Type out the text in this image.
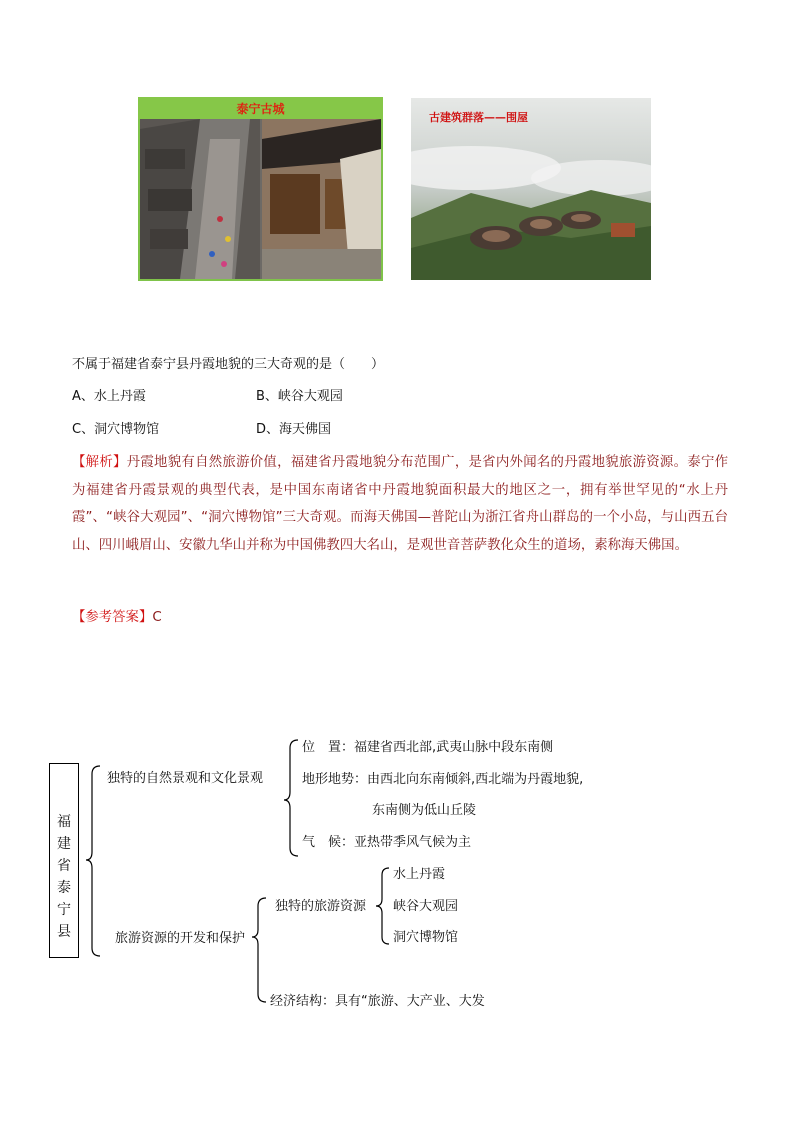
泰宁古城
古建筑群落——围屋
不属于福建省泰宁县丹霞地貌的三大奇观的是（　　）
A、水上丹霞	B、峡谷大观园
C、洞穴博物馆	D、海天佛国
【解析】丹霞地貌有自然旅游价值，福建省丹霞地貌分布范围广，是省内外闻名的丹霞地貌旅游资源。泰宁作为福建省丹霞景观的典型代表，是中国东南诸省中丹霞地貌面积最大的地区之一，拥有举世罕见的“水上丹霞”、“峡谷大观园”、“洞穴博物馆”三大奇观。而海天佛国—普陀山为浙江省舟山群岛的一个小岛，与山西五台山、四川峨眉山、安徽九华山并称为中国佛教四大名山，是观世音菩萨教化众生的道场，素称海天佛国。
【参考答案】C
福
建
省
泰
宁
县
独特的自然景观和文化景观
位　置：福建省西北部,武夷山脉中段东南侧
地形地势：由西北向东南倾斜,西北端为丹霞地貌,
东南侧为低山丘陵
气　候：亚热带季风气候为主
旅游资源的开发和保护
独特的旅游资源
水上丹霞
峡谷大观园
洞穴博物馆
经济结构：具有“旅游、大产业、大发
